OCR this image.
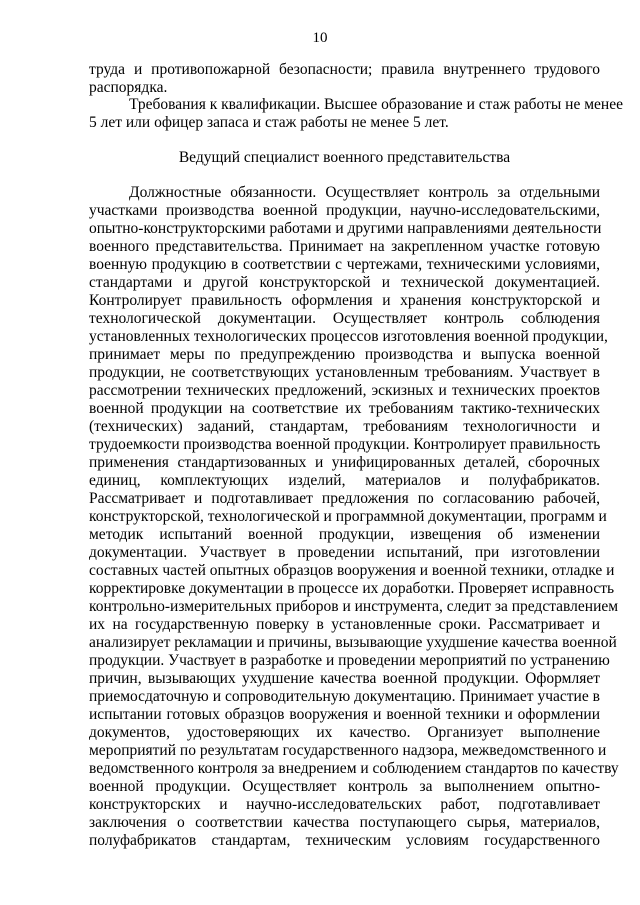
10
труда и противопожарной безопасности; правила внутреннего трудового
распорядка.
Требования к квалификации. Высшее образование и стаж работы не менее
5 лет или офицер запаса и стаж работы не менее 5 лет.
Ведущий специалист военного представительства
Должностные обязанности. Осуществляет контроль за отдельными
участками производства военной продукции, научно-исследовательскими,
опытно-конструкторскими работами и другими направлениями деятельности
военного представительства. Принимает на закрепленном участке готовую
военную продукцию в соответствии с чертежами, техническими условиями,
стандартами и другой конструкторской и технической документацией.
Контролирует правильность оформления и хранения конструкторской и
технологической документации. Осуществляет контроль соблюдения
установленных технологических процессов изготовления военной продукции,
принимает меры по предупреждению производства и выпуска военной
продукции, не соответствующих установленным требованиям. Участвует в
рассмотрении технических предложений, эскизных и технических проектов
военной продукции на соответствие их требованиям тактико-технических
(технических) заданий, стандартам, требованиям технологичности и
трудоемкости производства военной продукции. Контролирует правильность
применения стандартизованных и унифицированных деталей, сборочных
единиц, комплектующих изделий, материалов и полуфабрикатов.
Рассматривает и подготавливает предложения по согласованию рабочей,
конструкторской, технологической и программной документации, программ и
методик испытаний военной продукции, извещения об изменении
документации. Участвует в проведении испытаний, при изготовлении
составных частей опытных образцов вооружения и военной техники, отладке и
корректировке документации в процессе их доработки. Проверяет исправность
контрольно-измерительных приборов и инструмента, следит за представлением
их на государственную поверку в установленные сроки. Рассматривает и
анализирует рекламации и причины, вызывающие ухудшение качества военной
продукции. Участвует в разработке и проведении мероприятий по устранению
причин, вызывающих ухудшение качества военной продукции. Оформляет
приемосдаточную и сопроводительную документацию. Принимает участие в
испытании готовых образцов вооружения и военной техники и оформлении
документов, удостоверяющих их качество. Организует выполнение
мероприятий по результатам государственного надзора, межведомственного и
ведомственного контроля за внедрением и соблюдением стандартов по качеству
военной продукции. Осуществляет контроль за выполнением опытно-
конструкторских и научно-исследовательских работ, подготавливает
заключения о соответствии качества поступающего сырья, материалов,
полуфабрикатов стандартам, техническим условиям государственного
